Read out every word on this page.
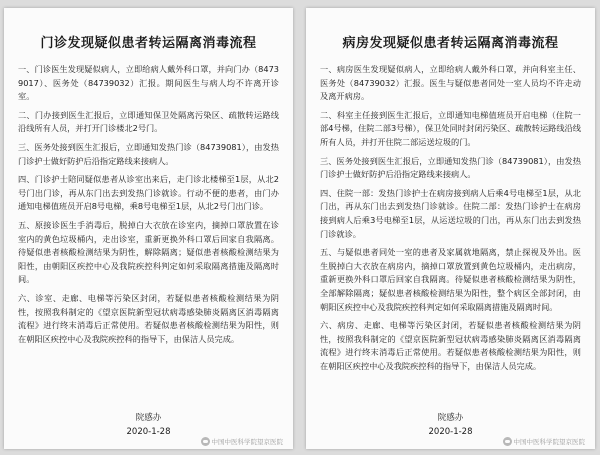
门诊发现疑似患者转运隔离消毒流程

一、门诊医生发现疑似病人，立即给病人戴外科口罩，并向门办（84739017）、医务处（84739032）汇报。期间医生与病人均不许离开诊室。

二、门办接到医生汇报后，立即通知保卫处隔离污染区、疏散转运路线沿线所有人员，并打开门诊楼北2号门。

三、医务处接到医生汇报后，立即通知发热门诊（84739081），由发热门诊护士做好防护后沿指定路线来接病人。

四、门诊护士陪同疑似患者从诊室出来后，走门诊北楼梯至1层，从北2号门出门诊，再从东门出去到发热门诊就诊。行动不便的患者，由门办通知电梯值班员开启8号电梯，乘8号电梯至1层，从北2号门出门诊。

五、原接诊医生手消毒后，脱掉白大衣放在诊室内，摘掉口罩放置在诊室内的黄色垃圾桶内，走出诊室，重新更换外科口罩后回家自我隔离。待疑似患者核酸检测结果为阴性，解除隔离；疑似患者核酸检测结果为阳性，由朝阳区疾控中心及我院疾控科判定如何采取隔离措施及隔离时间。

六、诊室、走廊、电梯等污染区封闭，若疑似患者核酸检测结果为阴性，按照我科制定的《望京医院新型冠状病毒感染肺炎隔离区消毒隔离流程》进行终末消毒后正常使用。若疑似患者核酸检测结果为阳性，则在朝阳区疾控中心及我院疾控科的指导下，由保洁人员完成。

院感办
2020-1-28
中国中医科学院望京医院
病房发现疑似患者转运隔离消毒流程

一、病房医生发现疑似病人，立即给病人戴外科口罩，并向科室主任、医务处（84739032）汇报。医生与疑似患者同处一室人员均不许走动及离开病房。

二、科室主任接到医生汇报后，立即通知电梯值班员开启电梯（住院一部4号梯，住院二部3号梯），保卫处同时封闭污染区、疏散转运路线沿线所有人员，并打开住院二部运送垃圾的门。

三、医务处接到医生汇报后，立即通知发热门诊（84739081），由发热门诊护士做好防护后沿指定路线来接病人。

四、住院一部：发热门诊护士在病房接到病人后乘4号电梯至1层，从北门出，再从东门出去到发热门诊就诊。住院二部：发热门诊护士在病房接到病人后乘3号电梯至1层，从运送垃圾的门出，再从东门出去到发热门诊就诊。

五、与疑似患者同处一室的患者及家属就地隔离，禁止探视及外出。医生脱掉白大衣放在病房内，摘掉口罩放置到黄色垃圾桶内，走出病房，重新更换外科口罩后回家自我隔离。待疑似患者核酸检测结果为阴性，全部解除隔离；疑似患者核酸检测结果为阳性，整个病区全部封闭，由朝阳区疾控中心及我院疾控科判定如何采取隔离措施及隔离时间。

六、病房、走廊、电梯等污染区封闭，若疑似患者核酸检测结果为阴性，按照我科制定的《望京医院新型冠状病毒感染肺炎隔离区消毒隔离流程》进行终末消毒后正常使用。若疑似患者核酸检测结果为阳性，则在朝阳区疾控中心及我院疾控科的指导下，由保洁人员完成。

院感办
2020-1-28
中国中医科学院望京医院
